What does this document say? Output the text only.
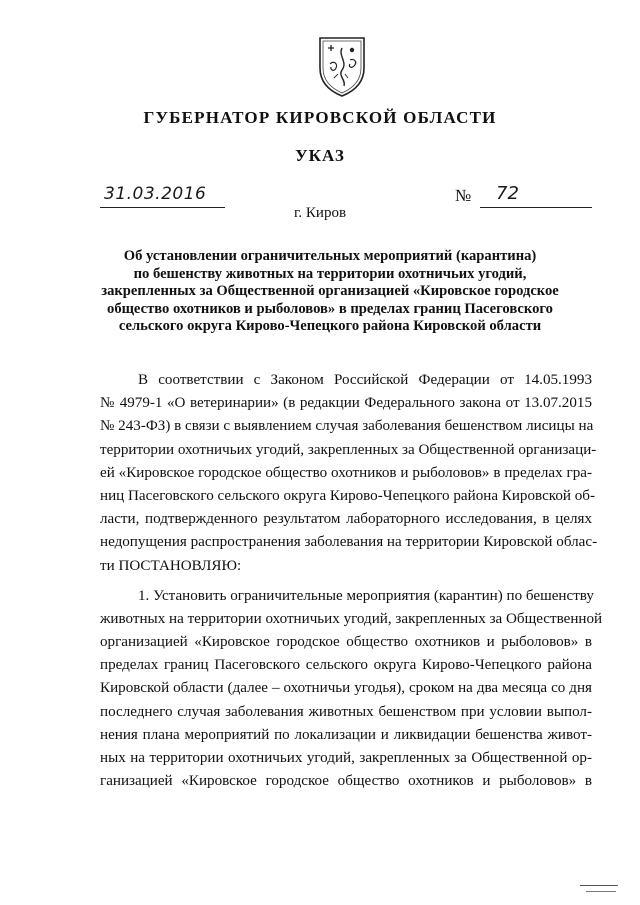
ГУБЕРНАТОР КИРОВСКОЙ ОБЛАСТИ
УКАЗ
31.03.2016	№ 72
г. Киров
Об установлении ограничительных мероприятий (карантина)
по бешенству животных на территории охотничьих угодий,
закрепленных за Общественной организацией «Кировское городское
общество охотников и рыболовов» в пределах границ Пасеговского
сельского округа Кирово-Чепецкого района Кировской области
В соответствии с Законом Российской Федерации от 14.05.1993
№ 4979-1 «О ветеринарии» (в редакции Федерального закона от 13.07.2015
№ 243-ФЗ) в связи с выявлением случая заболевания бешенством лисицы на
территории охотничьих угодий, закрепленных за Общественной организаци-
ей «Кировское городское общество охотников и рыболовов» в пределах гра-
ниц Пасеговского сельского округа Кирово-Чепецкого района Кировской об-
ласти, подтвержденного результатом лабораторного исследования, в целях
недопущения распространения заболевания на территории Кировской облас-
ти ПОСТАНОВЛЯЮ:
1. Установить ограничительные мероприятия (карантин) по бешенству
животных на территории охотничьих угодий, закрепленных за Общественной
организацией «Кировское городское общество охотников и рыболовов» в
пределах границ Пасеговского сельского округа Кирово-Чепецкого района
Кировской области (далее – охотничьи угодья), сроком на два месяца со дня
последнего случая заболевания животных бешенством при условии выпол-
нения плана мероприятий по локализации и ликвидации бешенства живот-
ных на территории охотничьих угодий, закрепленных за Общественной ор-
ганизацией «Кировское городское общество охотников и рыболовов» в
